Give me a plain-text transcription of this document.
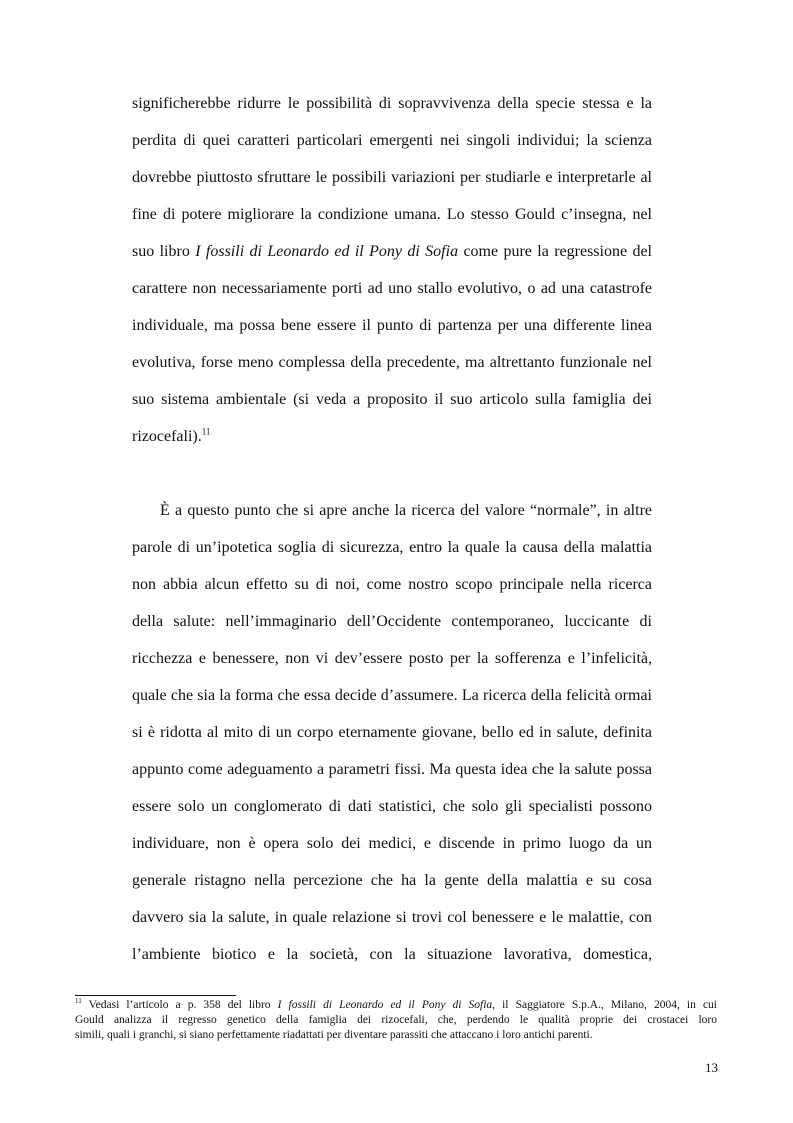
significherebbe ridurre le possibilità di sopravvivenza della specie stessa e la
perdita di quei caratteri particolari emergenti nei singoli individui; la scienza
dovrebbe piuttosto sfruttare le possibili variazioni per studiarle e interpretarle al
fine di potere migliorare la condizione umana. Lo stesso Gould c’insegna, nel
suo libro I fossili di Leonardo ed il Pony di Sofia come pure la regressione del
carattere non necessariamente porti ad uno stallo evolutivo, o ad una catastrofe
individuale, ma possa bene essere il punto di partenza per una differente linea
evolutiva, forse meno complessa della precedente, ma altrettanto funzionale nel
suo sistema ambientale (si veda a proposito il suo articolo sulla famiglia dei
rizocefali).$^{11}$
È a questo punto che si apre anche la ricerca del valore “normale”, in altre
parole di un’ipotetica soglia di sicurezza, entro la quale la causa della malattia
non abbia alcun effetto su di noi, come nostro scopo principale nella ricerca
della salute: nell’immaginario dell’Occidente contemporaneo, luccicante di
ricchezza e benessere, non vi dev’essere posto per la sofferenza e l’infelicità,
quale che sia la forma che essa decide d’assumere. La ricerca della felicità ormai
si è ridotta al mito di un corpo eternamente giovane, bello ed in salute, definita
appunto come adeguamento a parametri fissi. Ma questa idea che la salute possa
essere solo un conglomerato di dati statistici, che solo gli specialisti possono
individuare, non è opera solo dei medici, e discende in primo luogo da un
generale ristagno nella percezione che ha la gente della malattia e su cosa
davvero sia la salute, in quale relazione si trovi col benessere e le malattie, con
l’ambiente biotico e la società, con la situazione lavorativa, domestica,
$^{11}$ Vedasi l’articolo a p. 358 del libro I fossili di Leonardo ed il Pony di Sofia, il Saggiatore S.p.A., Milano, 2004, in cui
Gould analizza il regresso genetico della famiglia dei rizocefali, che, perdendo le qualità proprie dei crostacei loro
simili, quali i granchi, si siano perfettamente riadattati per diventare parassiti che attaccano i loro antichi parenti.
13
